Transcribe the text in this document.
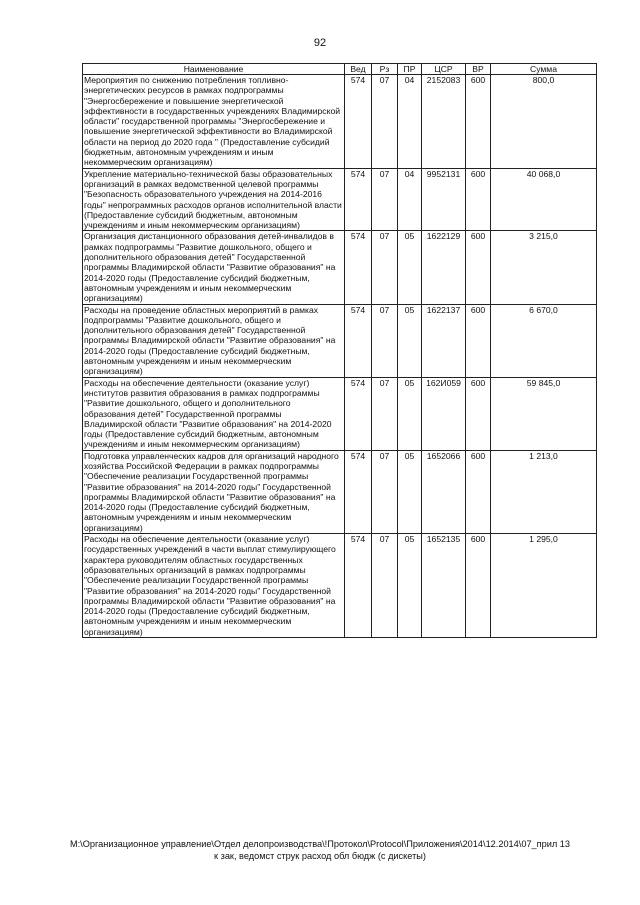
92
Наименование	Вед	Рз	ПР	ЦСР	ВР	Сумма
Мероприятия по снижению потребления топливно-энергетических ресурсов в рамках подпрограммы "Энергосбережение и повышение энергетической эффективности в государственных учреждениях Владимирской области" государственной программы "Энергосбережение и повышение энергетической эффективности во Владимирской области на период до 2020 года " (Предоставление субсидий бюджетным, автономным учреждениям и иным некоммерческим организациям)	574	07	04	2152083	600	800,0
Укрепление материально-технической базы образовательных организаций в рамках ведомственной целевой программы "Безопасность образовательного учреждения на 2014-2016 годы" непрограммных расходов органов исполнительной власти (Предоставление субсидий бюджетным, автономным учреждениям и иным некоммерческим организациям)	574	07	04	9952131	600	40 068,0
Организация дистанционного образования детей-инвалидов в рамках подпрограммы "Развитие дошкольного, общего и дополнительного образования детей" Государственной программы Владимирской области "Развитие образования" на 2014-2020 годы (Предоставление субсидий бюджетным, автономным учреждениям и иным некоммерческим организациям)	574	07	05	1622129	600	3 215,0
Расходы на проведение областных мероприятий в рамках подпрограммы "Развитие дошкольного, общего и дополнительного образования детей" Государственной программы Владимирской области "Развитие образования" на 2014-2020 годы (Предоставление субсидий бюджетным, автономным учреждениям и иным некоммерческим организациям)	574	07	05	1622137	600	6 670,0
Расходы на обеспечение деятельности (оказание услуг) институтов развития образования в рамках подпрограммы "Развитие дошкольного, общего и дополнительного образования детей" Государственной программы Владимирской области "Развитие образования" на 2014-2020 годы (Предоставление субсидий бюджетным, автономным учреждениям и иным некоммерческим организациям)	574	07	05	162И059	600	59 845,0
Подготовка управленческих кадров для организаций народного хозяйства Российской Федерации в рамках подпрограммы "Обеспечение реализации Государственной программы "Развитие образования" на 2014-2020 годы" Государственной программы Владимирской области "Развитие образования" на 2014-2020 годы (Предоставление субсидий бюджетным, автономным учреждениям и иным некоммерческим организациям)	574	07	05	1652066	600	1 213,0
Расходы на обеспечение деятельности (оказание услуг) государственных учреждений в части выплат стимулирующего характера руководителям областных государственных образовательных организаций в рамках подпрограммы "Обеспечение реализации Государственной программы "Развитие образования" на 2014-2020 годы" Государственной программы Владимирской области "Развитие образования" на 2014-2020 годы (Предоставление субсидий бюджетным, автономным учреждениям и иным некоммерческим организациям)	574	07	05	1652135	600	1 295,0
M:\Организационное управление\Отдел делопроизводства\!Протокол\Protocol\Приложения\2014\12.2014\07_прил 13
к зак, ведомст струк расход обл бюдж (с дискеты)
